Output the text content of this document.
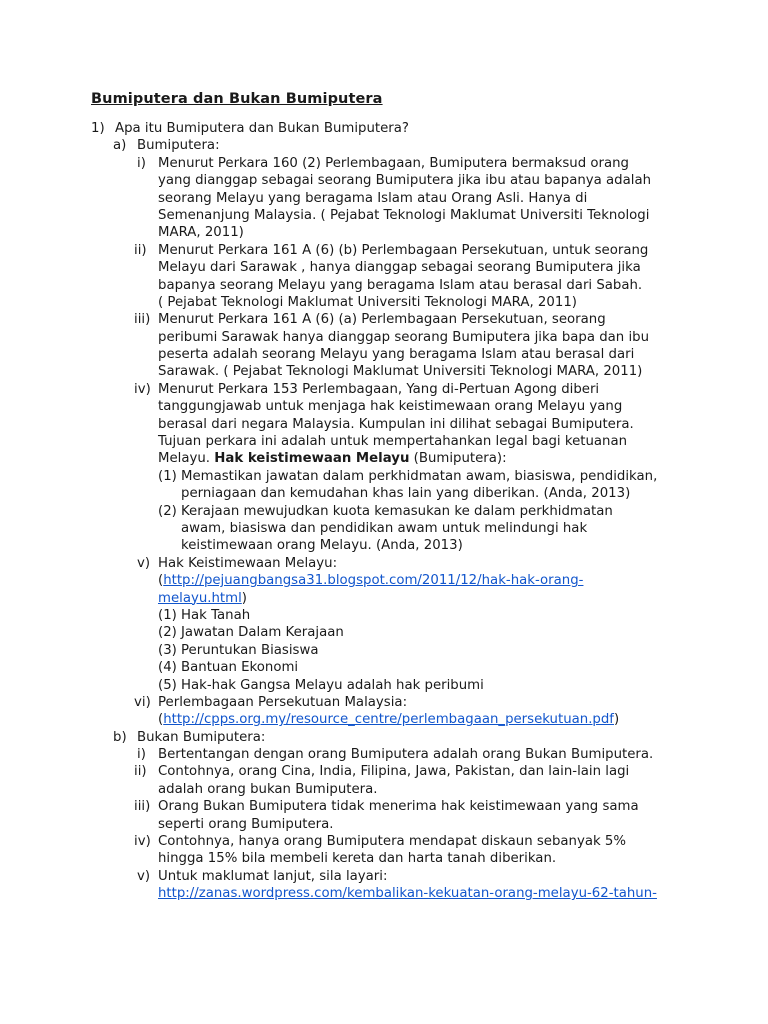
Bumiputera dan Bukan Bumiputera
1) Apa itu Bumiputera dan Bukan Bumiputera?
a) Bumiputera:
i) Menurut Perkara 160 (2) Perlembagaan, Bumiputera bermaksud orang
yang dianggap sebagai seorang Bumiputera jika ibu atau bapanya adalah
seorang Melayu yang beragama Islam atau Orang Asli. Hanya di
Semenanjung Malaysia. ( Pejabat Teknologi Maklumat Universiti Teknologi
MARA, 2011)
ii) Menurut Perkara 161 A (6) (b) Perlembagaan Persekutuan, untuk seorang
Melayu dari Sarawak , hanya dianggap sebagai seorang Bumiputera jika
bapanya seorang Melayu yang beragama Islam atau berasal dari Sabah.
( Pejabat Teknologi Maklumat Universiti Teknologi MARA, 2011)
iii) Menurut Perkara 161 A (6) (a) Perlembagaan Persekutuan, seorang
peribumi Sarawak hanya dianggap seorang Bumiputera jika bapa dan ibu
peserta adalah seorang Melayu yang beragama Islam atau berasal dari
Sarawak. ( Pejabat Teknologi Maklumat Universiti Teknologi MARA, 2011)
iv) Menurut Perkara 153 Perlembagaan, Yang di-Pertuan Agong diberi
tanggungjawab untuk menjaga hak keistimewaan orang Melayu yang
berasal dari negara Malaysia. Kumpulan ini dilihat sebagai Bumiputera.
Tujuan perkara ini adalah untuk mempertahankan legal bagi ketuanan
Melayu. Hak keistimewaan Melayu (Bumiputera):
(1) Memastikan jawatan dalam perkhidmatan awam, biasiswa, pendidikan,
perniagaan dan kemudahan khas lain yang diberikan. (Anda, 2013)
(2) Kerajaan mewujudkan kuota kemasukan ke dalam perkhidmatan
awam, biasiswa dan pendidikan awam untuk melindungi hak
keistimewaan orang Melayu. (Anda, 2013)
v) Hak Keistimewaan Melayu:
(http://pejuangbangsa31.blogspot.com/2011/12/hak-hak-orang-
melayu.html)
(1) Hak Tanah
(2) Jawatan Dalam Kerajaan
(3) Peruntukan Biasiswa
(4) Bantuan Ekonomi
(5) Hak-hak Gangsa Melayu adalah hak peribumi
vi) Perlembagaan Persekutuan Malaysia:
(http://cpps.org.my/resource_centre/perlembagaan_persekutuan.pdf)
b) Bukan Bumiputera:
i) Bertentangan dengan orang Bumiputera adalah orang Bukan Bumiputera.
ii) Contohnya, orang Cina, India, Filipina, Jawa, Pakistan, dan lain-lain lagi
adalah orang bukan Bumiputera.
iii) Orang Bukan Bumiputera tidak menerima hak keistimewaan yang sama
seperti orang Bumiputera.
iv) Contohnya, hanya orang Bumiputera mendapat diskaun sebanyak 5%
hingga 15% bila membeli kereta dan harta tanah diberikan.
v) Untuk maklumat lanjut, sila layari:
http://zanas.wordpress.com/kembalikan-kekuatan-orang-melayu-62-tahun-
